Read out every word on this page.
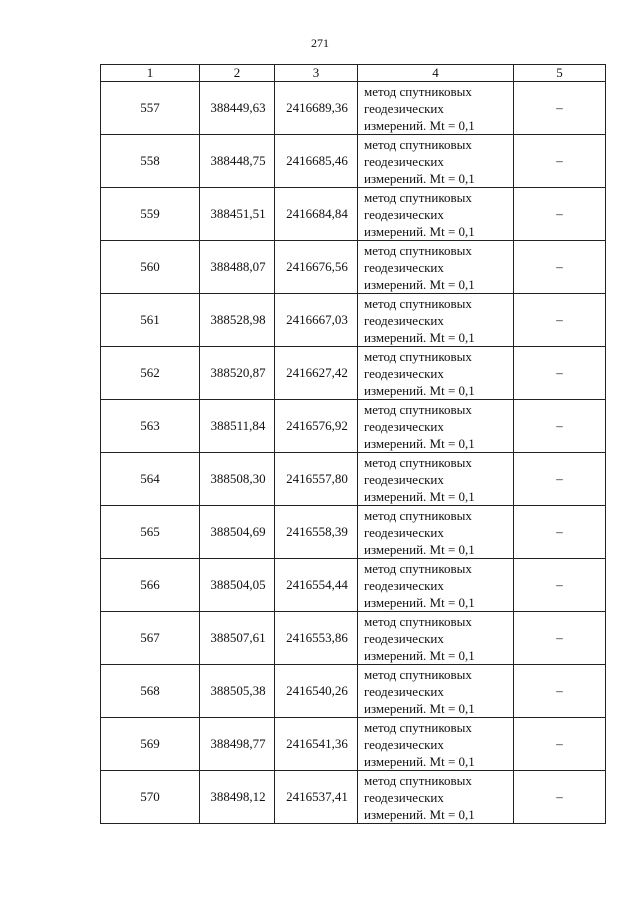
271
1	2	3	4	5
557	388449,63	2416689,36	метод спутниковых
геодезических
измерений. Mt = 0,1	–
558	388448,75	2416685,46	метод спутниковых
геодезических
измерений. Mt = 0,1	–
559	388451,51	2416684,84	метод спутниковых
геодезических
измерений. Mt = 0,1	–
560	388488,07	2416676,56	метод спутниковых
геодезических
измерений. Mt = 0,1	–
561	388528,98	2416667,03	метод спутниковых
геодезических
измерений. Mt = 0,1	–
562	388520,87	2416627,42	метод спутниковых
геодезических
измерений. Mt = 0,1	–
563	388511,84	2416576,92	метод спутниковых
геодезических
измерений. Mt = 0,1	–
564	388508,30	2416557,80	метод спутниковых
геодезических
измерений. Mt = 0,1	–
565	388504,69	2416558,39	метод спутниковых
геодезических
измерений. Mt = 0,1	–
566	388504,05	2416554,44	метод спутниковых
геодезических
измерений. Mt = 0,1	–
567	388507,61	2416553,86	метод спутниковых
геодезических
измерений. Mt = 0,1	–
568	388505,38	2416540,26	метод спутниковых
геодезических
измерений. Mt = 0,1	–
569	388498,77	2416541,36	метод спутниковых
геодезических
измерений. Mt = 0,1	–
570	388498,12	2416537,41	метод спутниковых
геодезических
измерений. Mt = 0,1	–
